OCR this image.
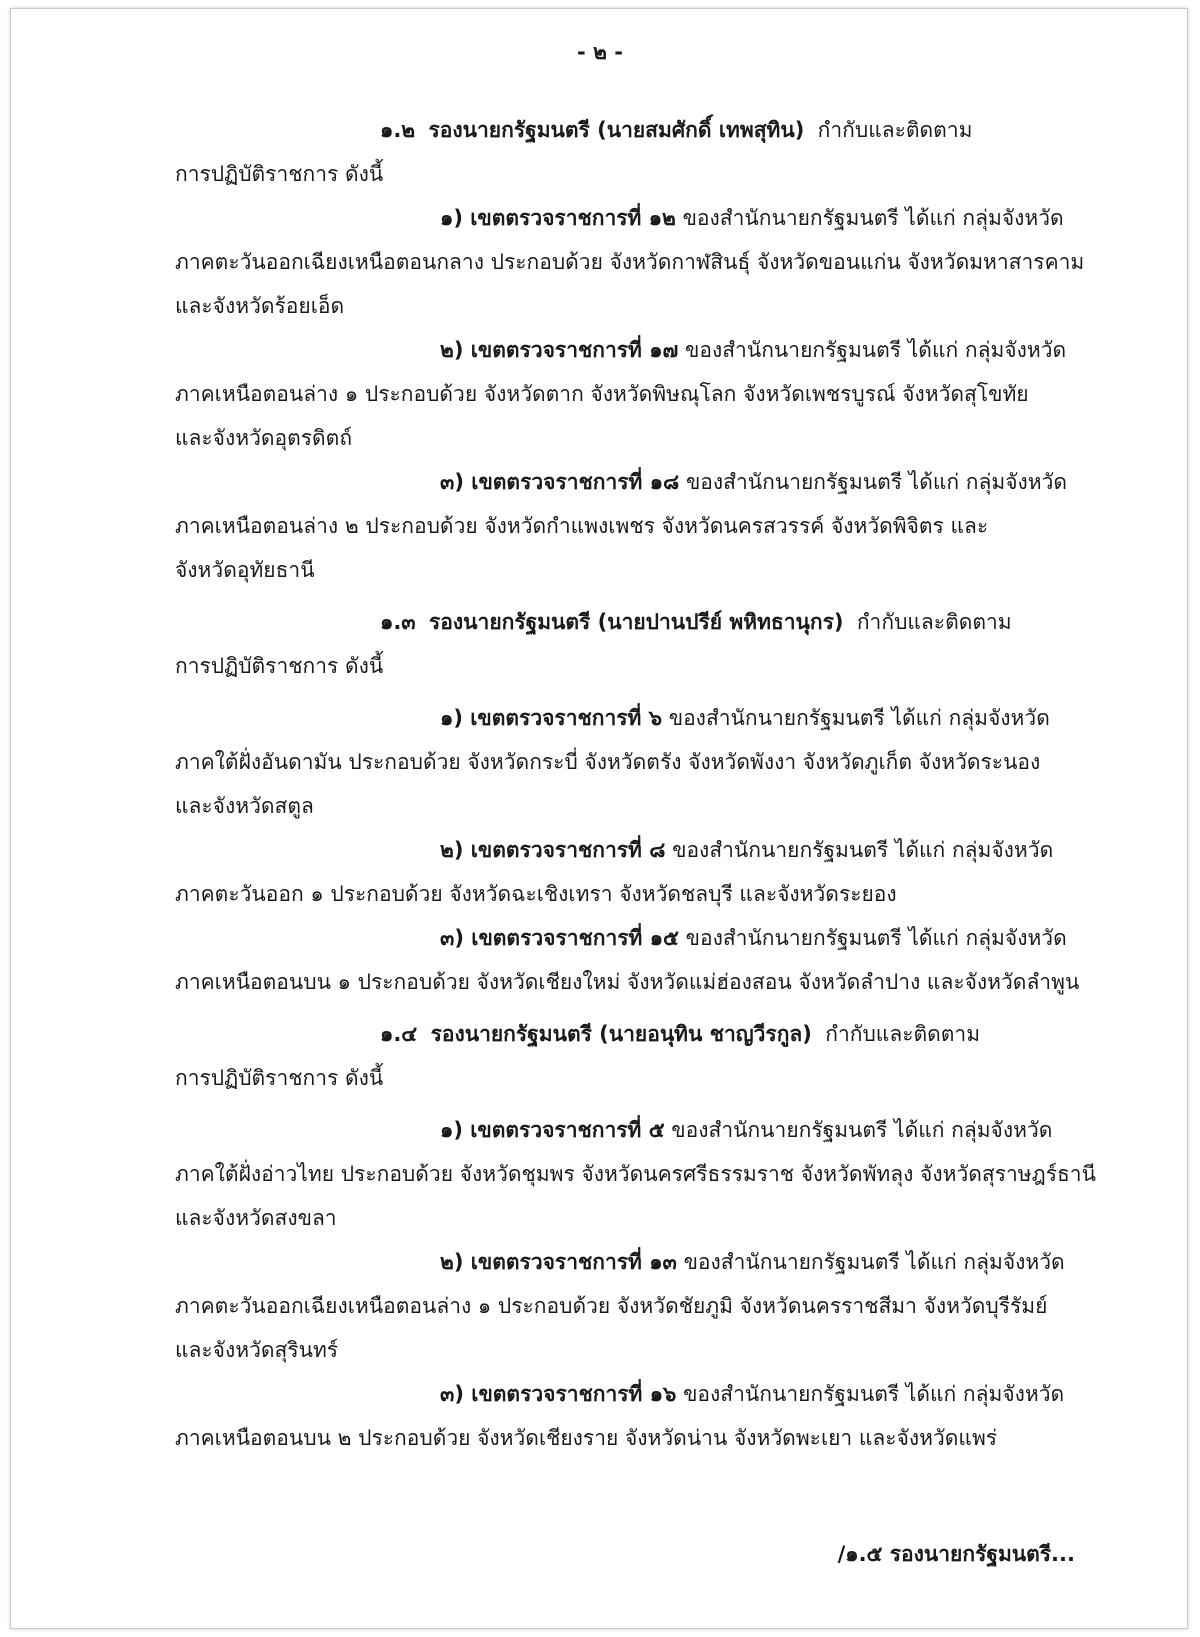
- ๒ -
๑.๒ รองนายกรัฐมนตรี (นายสมศักดิ์ เทพสุทิน) กำกับและติดตาม
การปฏิบัติราชการ ดังนี้
๑) เขตตรวจราชการที่ ๑๒ ของสำนักนายกรัฐมนตรี ได้แก่ กลุ่มจังหวัด
ภาคตะวันออกเฉียงเหนือตอนกลาง ประกอบด้วย จังหวัดกาฬสินธุ์ จังหวัดขอนแก่น จังหวัดมหาสารคาม
และจังหวัดร้อยเอ็ด
๒) เขตตรวจราชการที่ ๑๗ ของสำนักนายกรัฐมนตรี ได้แก่ กลุ่มจังหวัด
ภาคเหนือตอนล่าง ๑ ประกอบด้วย จังหวัดตาก จังหวัดพิษณุโลก จังหวัดเพชรบูรณ์ จังหวัดสุโขทัย
และจังหวัดอุตรดิตถ์
๓) เขตตรวจราชการที่ ๑๘ ของสำนักนายกรัฐมนตรี ได้แก่ กลุ่มจังหวัด
ภาคเหนือตอนล่าง ๒ ประกอบด้วย จังหวัดกำแพงเพชร จังหวัดนครสวรรค์ จังหวัดพิจิตร และ
จังหวัดอุทัยธานี
๑.๓ รองนายกรัฐมนตรี (นายปานปรีย์ พหิทธานุกร) กำกับและติดตาม
การปฏิบัติราชการ ดังนี้
๑) เขตตรวจราชการที่ ๖ ของสำนักนายกรัฐมนตรี ได้แก่ กลุ่มจังหวัด
ภาคใต้ฝั่งอันดามัน ประกอบด้วย จังหวัดกระบี่ จังหวัดตรัง จังหวัดพังงา จังหวัดภูเก็ต จังหวัดระนอง
และจังหวัดสตูล
๒) เขตตรวจราชการที่ ๘ ของสำนักนายกรัฐมนตรี ได้แก่ กลุ่มจังหวัด
ภาคตะวันออก ๑ ประกอบด้วย จังหวัดฉะเชิงเทรา จังหวัดชลบุรี และจังหวัดระยอง
๓) เขตตรวจราชการที่ ๑๕ ของสำนักนายกรัฐมนตรี ได้แก่ กลุ่มจังหวัด
ภาคเหนือตอนบน ๑ ประกอบด้วย จังหวัดเชียงใหม่ จังหวัดแม่ฮ่องสอน จังหวัดลำปาง และจังหวัดลำพูน
๑.๔ รองนายกรัฐมนตรี (นายอนุทิน ชาญวีรกูล) กำกับและติดตาม
การปฏิบัติราชการ ดังนี้
๑) เขตตรวจราชการที่ ๕ ของสำนักนายกรัฐมนตรี ได้แก่ กลุ่มจังหวัด
ภาคใต้ฝั่งอ่าวไทย ประกอบด้วย จังหวัดชุมพร จังหวัดนครศรีธรรมราช จังหวัดพัทลุง จังหวัดสุราษฎร์ธานี
และจังหวัดสงขลา
๒) เขตตรวจราชการที่ ๑๓ ของสำนักนายกรัฐมนตรี ได้แก่ กลุ่มจังหวัด
ภาคตะวันออกเฉียงเหนือตอนล่าง ๑ ประกอบด้วย จังหวัดชัยภูมิ จังหวัดนครราชสีมา จังหวัดบุรีรัมย์
และจังหวัดสุรินทร์
๓) เขตตรวจราชการที่ ๑๖ ของสำนักนายกรัฐมนตรี ได้แก่ กลุ่มจังหวัด
ภาคเหนือตอนบน ๒ ประกอบด้วย จังหวัดเชียงราย จังหวัดน่าน จังหวัดพะเยา และจังหวัดแพร่
/๑.๕ รองนายกรัฐมนตรี...
